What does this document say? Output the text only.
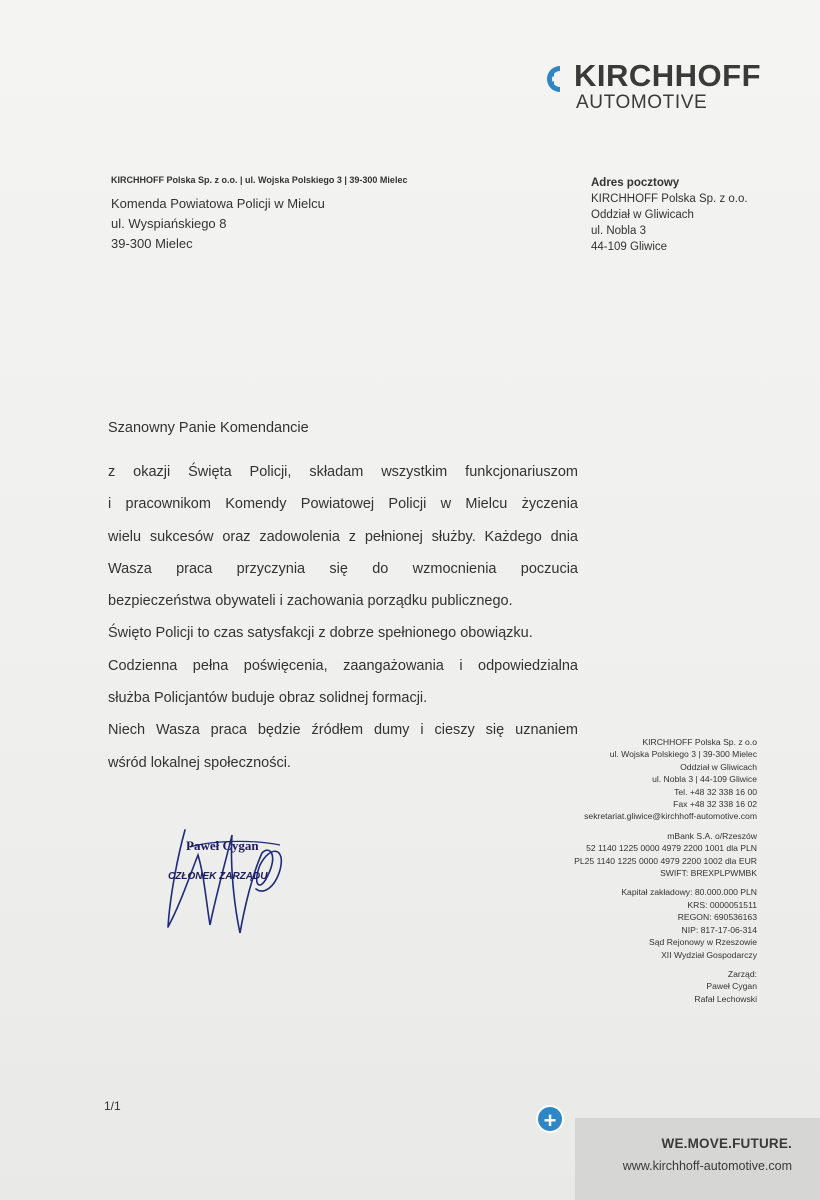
KIRCHHOFF
AUTOMOTIVE
KIRCHHOFF Polska Sp. z o.o. | ul. Wojska Polskiego 3 | 39-300 Mielec
Komenda Powiatowa Policji w Mielcu
ul. Wyspiańskiego 8
39-300 Mielec
Adres pocztowy
KIRCHHOFF Polska Sp. z o.o.
Oddział w Gliwicach
ul. Nobla 3
44-109 Gliwice
Szanowny Panie Komendancie
z okazji Święta Policji, składam wszystkim funkcjonariuszom
i pracownikom Komendy Powiatowej Policji w Mielcu życzenia
wielu sukcesów oraz zadowolenia z pełnionej służby. Każdego dnia
Wasza praca przyczynia się do wzmocnienia poczucia
bezpieczeństwa obywateli i zachowania porządku publicznego.
Święto Policji to czas satysfakcji z dobrze spełnionego obowiązku.
Codzienna pełna poświęcenia, zaangażowania i odpowiedzialna
służba Policjantów buduje obraz solidnej formacji.
Niech Wasza praca będzie źródłem dumy i cieszy się uznaniem
wśród lokalnej społeczności.
Paweł Cygan
CZŁONEK ZARZĄDU
KIRCHHOFF Polska Sp. z o.o
ul. Wojska Polskiego 3 | 39-300 Mielec
Oddział w Gliwicach
ul. Nobla 3 | 44-109 Gliwice
Tel. +48 32 338 16 00
Fax +48 32 338 16 02
sekretariat.gliwice@kirchhoff-automotive.com
mBank S.A. o/Rzeszów
52 1140 1225 0000 4979 2200 1001 dla PLN
PL25 1140 1225 0000 4979 2200 1002 dla EUR
SWIFT: BREXPLPWMBK
Kapitał zakładowy: 80.000.000 PLN
KRS: 0000051511
REGON: 690536163
NIP: 817-17-06-314
Sąd Rejonowy w Rzeszowie
XII Wydział Gospodarczy
Zarząd:
Paweł Cygan
Rafał Lechowski
1/1
+
WE.MOVE.FUTURE.
www.kirchhoff-automotive.com
